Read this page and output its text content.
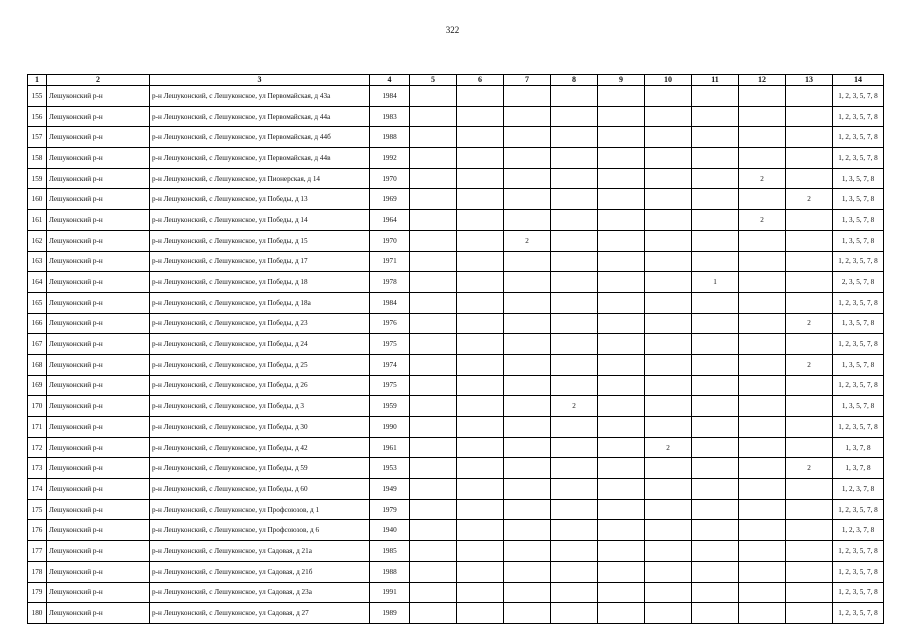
322
1	2	3	4	5	6	7	8	9	10	11	12	13	14
155	Лешуконский р-н	р-н Лешуконский, с Лешуконское, ул Первомайская, д 43а	1984										1, 2, 3, 5, 7, 8
156	Лешуконский р-н	р-н Лешуконский, с Лешуконское, ул Первомайская, д 44а	1983										1, 2, 3, 5, 7, 8
157	Лешуконский р-н	р-н Лешуконский, с Лешуконское, ул Первомайская, д 44б	1988										1, 2, 3, 5, 7, 8
158	Лешуконский р-н	р-н Лешуконский, с Лешуконское, ул Первомайская, д 44в	1992										1, 2, 3, 5, 7, 8
159	Лешуконский р-н	р-н Лешуконский, с Лешуконское, ул Пионерская, д 14	1970								2		1, 3, 5, 7, 8
160	Лешуконский р-н	р-н Лешуконский, с Лешуконское, ул Победы, д 13	1969									2	1, 3, 5, 7, 8
161	Лешуконский р-н	р-н Лешуконский, с Лешуконское, ул Победы, д 14	1964								2		1, 3, 5, 7, 8
162	Лешуконский р-н	р-н Лешуконский, с Лешуконское, ул Победы, д 15	1970			2							1, 3, 5, 7, 8
163	Лешуконский р-н	р-н Лешуконский, с Лешуконское, ул Победы, д 17	1971										1, 2, 3, 5, 7, 8
164	Лешуконский р-н	р-н Лешуконский, с Лешуконское, ул Победы, д 18	1978							1			2, 3, 5, 7, 8
165	Лешуконский р-н	р-н Лешуконский, с Лешуконское, ул Победы, д 18а	1984										1, 2, 3, 5, 7, 8
166	Лешуконский р-н	р-н Лешуконский, с Лешуконское, ул Победы, д 23	1976									2	1, 3, 5, 7, 8
167	Лешуконский р-н	р-н Лешуконский, с Лешуконское, ул Победы, д 24	1975										1, 2, 3, 5, 7, 8
168	Лешуконский р-н	р-н Лешуконский, с Лешуконское, ул Победы, д 25	1974									2	1, 3, 5, 7, 8
169	Лешуконский р-н	р-н Лешуконский, с Лешуконское, ул Победы, д 26	1975										1, 2, 3, 5, 7, 8
170	Лешуконский р-н	р-н Лешуконский, с Лешуконское, ул Победы, д 3	1959				2						1, 3, 5, 7, 8
171	Лешуконский р-н	р-н Лешуконский, с Лешуконское, ул Победы, д 30	1990										1, 2, 3, 5, 7, 8
172	Лешуконский р-н	р-н Лешуконский, с Лешуконское, ул Победы, д 42	1961						2				1, 3, 7, 8
173	Лешуконский р-н	р-н Лешуконский, с Лешуконское, ул Победы, д 59	1953									2	1, 3, 7, 8
174	Лешуконский р-н	р-н Лешуконский, с Лешуконское, ул Победы, д 60	1949										1, 2, 3, 7, 8
175	Лешуконский р-н	р-н Лешуконский, с Лешуконское, ул Профсоюзов, д 1	1979										1, 2, 3, 5, 7, 8
176	Лешуконский р-н	р-н Лешуконский, с Лешуконское, ул Профсоюзов, д 6	1940										1, 2, 3, 7, 8
177	Лешуконский р-н	р-н Лешуконский, с Лешуконское, ул Садовая, д 21а	1985										1, 2, 3, 5, 7, 8
178	Лешуконский р-н	р-н Лешуконский, с Лешуконское, ул Садовая, д 21б	1988										1, 2, 3, 5, 7, 8
179	Лешуконский р-н	р-н Лешуконский, с Лешуконское, ул Садовая, д 23а	1991										1, 2, 3, 5, 7, 8
180	Лешуконский р-н	р-н Лешуконский, с Лешуконское, ул Садовая, д 27	1989										1, 2, 3, 5, 7, 8
